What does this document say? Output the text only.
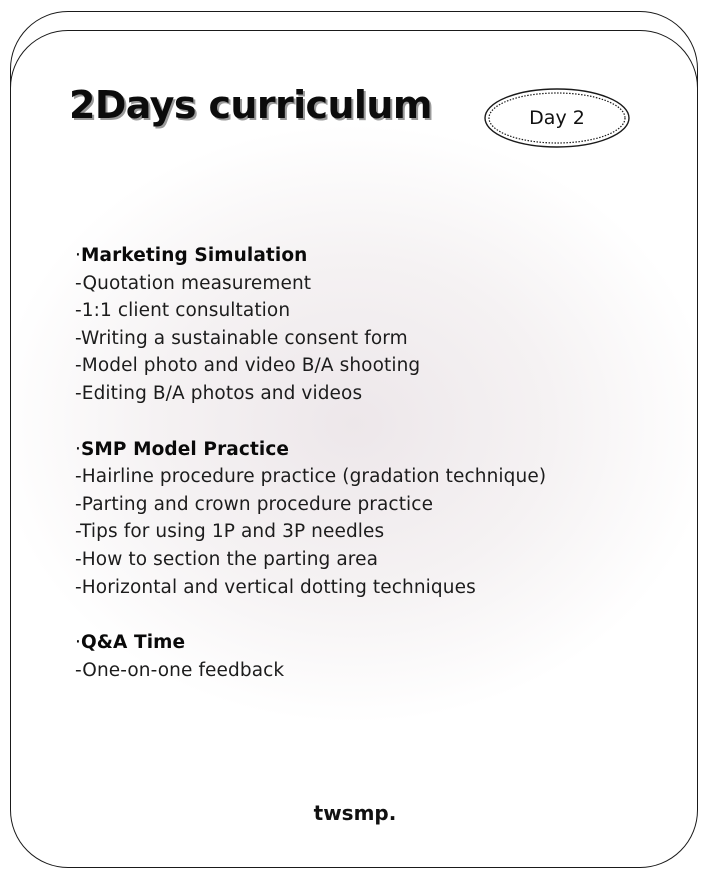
2Days curriculum	Day 2
·Marketing Simulation
-Quotation measurement
-1:1 client consultation
-Writing a sustainable consent form
-Model photo and video B/A shooting
-Editing B/A photos and videos
·SMP Model Practice
-Hairline procedure practice (gradation technique)
-Parting and crown procedure practice
-Tips for using 1P and 3P needles
-How to section the parting area
-Horizontal and vertical dotting techniques
·Q&A Time
-One-on-one feedback
twsmp.
